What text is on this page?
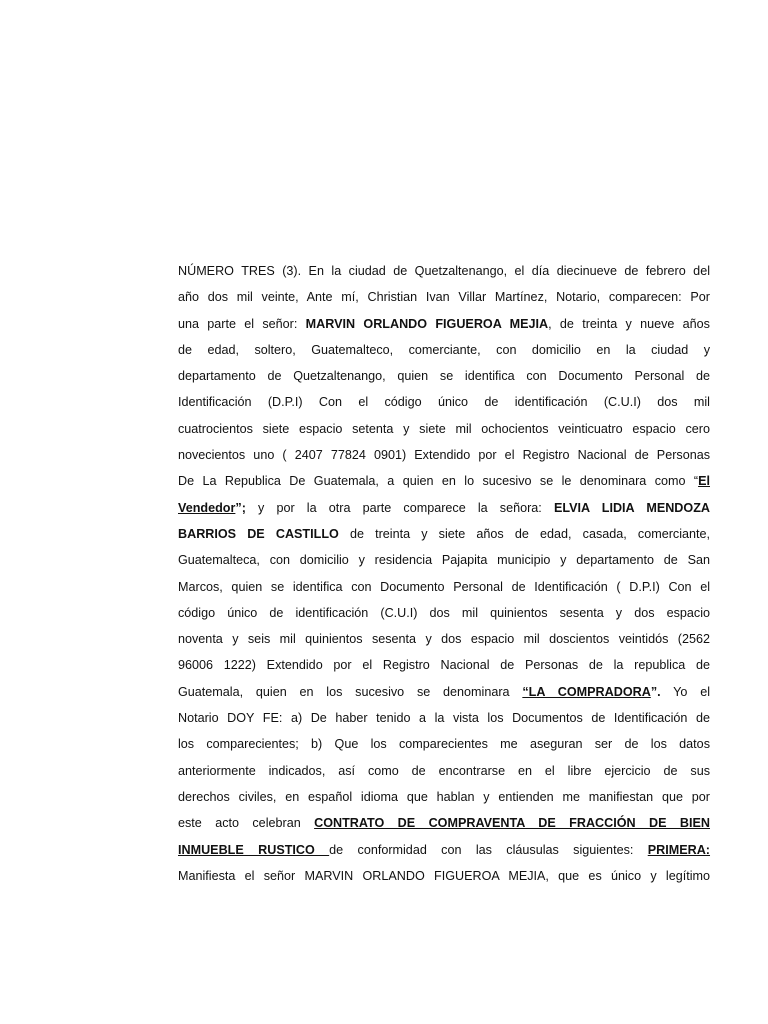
NÚMERO TRES (3). En la ciudad de Quetzaltenango, el día diecinueve de febrero del
año dos mil veinte, Ante mí, Christian Ivan Villar Martínez, Notario, comparecen: Por
una parte el señor: MARVIN ORLANDO FIGUEROA MEJIA, de treinta y nueve años
de edad, soltero, Guatemalteco, comerciante, con domicilio en la ciudad y
departamento de Quetzaltenango, quien se identifica con Documento Personal de
Identificación (D.P.I) Con el código único de identificación (C.U.I) dos mil
cuatrocientos siete espacio setenta y siete mil ochocientos veinticuatro espacio cero
novecientos uno ( 2407 77824 0901) Extendido por el Registro Nacional de Personas
De La Republica De Guatemala, a quien en lo sucesivo se le denominara como “El
Vendedor”; y por la otra parte comparece la señora: ELVIA LIDIA MENDOZA
BARRIOS DE CASTILLO de treinta y siete años de edad, casada, comerciante,
Guatemalteca, con domicilio y residencia Pajapita municipio y departamento de San
Marcos, quien se identifica con Documento Personal de Identificación ( D.P.I) Con el
código único de identificación (C.U.I) dos mil quinientos sesenta y dos espacio
noventa y seis mil quinientos sesenta y dos espacio mil doscientos veintidós (2562
96006 1222) Extendido por el Registro Nacional de Personas de la republica de
Guatemala, quien en los sucesivo se denominara “LA COMPRADORA”. Yo el
Notario DOY FE: a) De haber tenido a la vista los Documentos de Identificación de
los comparecientes; b) Que los comparecientes me aseguran ser de los datos
anteriormente indicados, así como de encontrarse en el libre ejercicio de sus
derechos civiles, en español idioma que hablan y entienden me manifiestan que por
este acto celebran CONTRATO DE COMPRAVENTA DE FRACCIÓN DE BIEN
INMUEBLE RUSTICO de conformidad con las cláusulas siguientes: PRIMERA:
Manifiesta el señor MARVIN ORLANDO FIGUEROA MEJIA, que es único y legítimo
